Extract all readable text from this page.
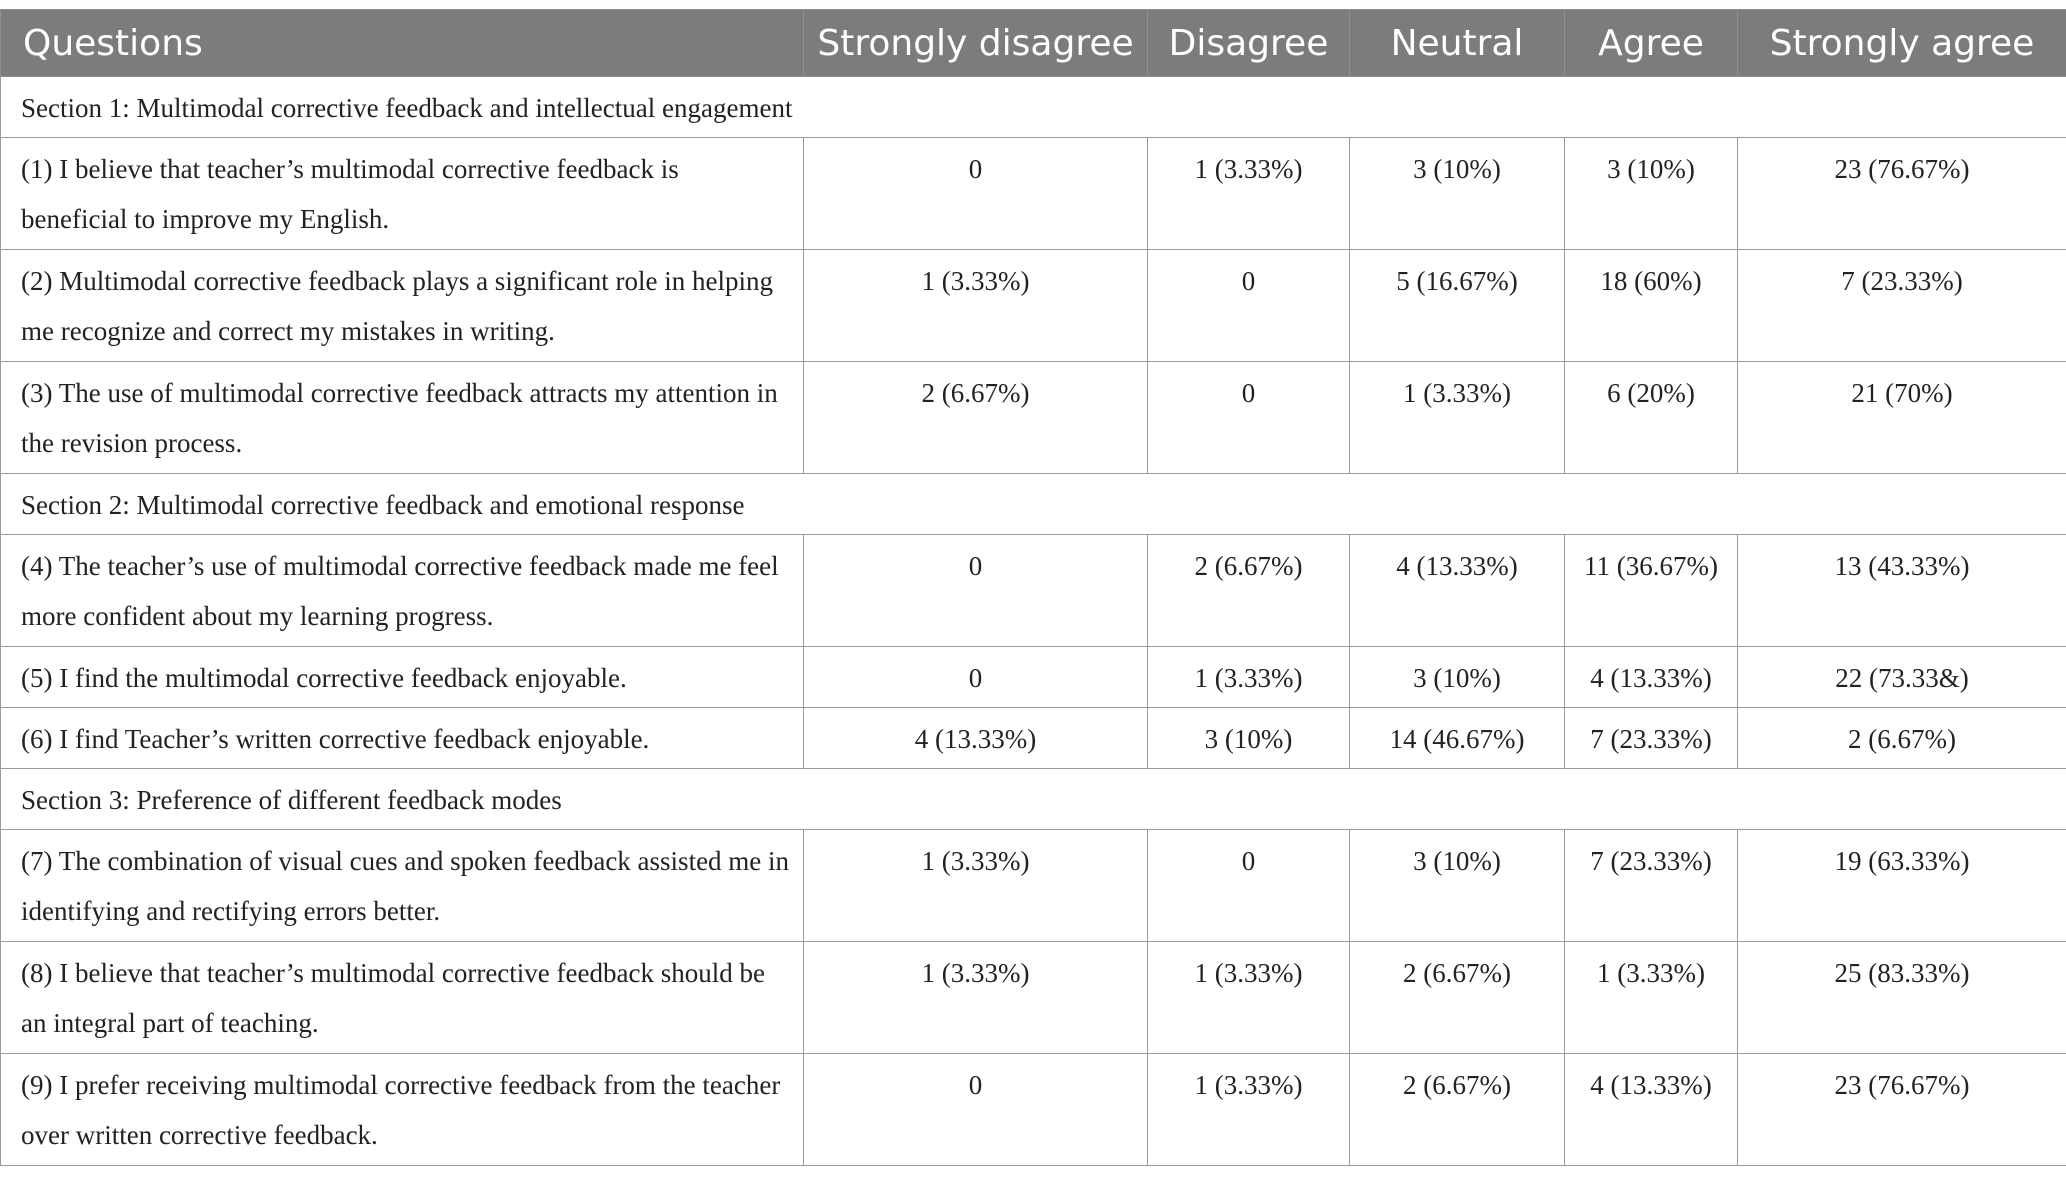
Questions	Strongly disagree	Disagree	Neutral	Agree	Strongly agree
Section 1: Multimodal corrective feedback and intellectual engagement					
(1) I believe that teacher’s multimodal corrective feedback is beneficial to improve my English.	0	1 (3.33%)	3 (10%)	3 (10%)	23 (76.67%)
(2) Multimodal corrective feedback plays a significant role in helping me recognize and correct my mistakes in writing.	1 (3.33%)	0	5 (16.67%)	18 (60%)	7 (23.33%)
(3) The use of multimodal corrective feedback attracts my attention in the revision process.	2 (6.67%)	0	1 (3.33%)	6 (20%)	21 (70%)
Section 2: Multimodal corrective feedback and emotional response					
(4) The teacher’s use of multimodal corrective feedback made me feel more confident about my learning progress.	0	2 (6.67%)	4 (13.33%)	11 (36.67%)	13 (43.33%)
(5) I find the multimodal corrective feedback enjoyable.	0	1 (3.33%)	3 (10%)	4 (13.33%)	22 (73.33&)
(6) I find Teacher’s written corrective feedback enjoyable.	4 (13.33%)	3 (10%)	14 (46.67%)	7 (23.33%)	2 (6.67%)
Section 3: Preference of different feedback modes					
(7) The combination of visual cues and spoken feedback assisted me in identifying and rectifying errors better.	1 (3.33%)	0	3 (10%)	7 (23.33%)	19 (63.33%)
(8) I believe that teacher’s multimodal corrective feedback should be an integral part of teaching.	1 (3.33%)	1 (3.33%)	2 (6.67%)	1 (3.33%)	25 (83.33%)
(9) I prefer receiving multimodal corrective feedback from the teacher over written corrective feedback.	0	1 (3.33%)	2 (6.67%)	4 (13.33%)	23 (76.67%)
